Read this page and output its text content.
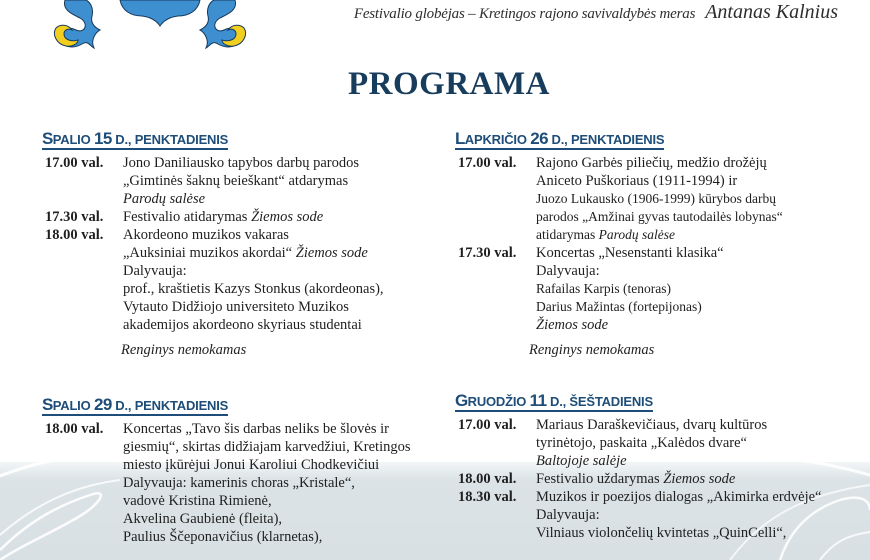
Festivalio globėjas – Kretingos rajono savivaldybės meras Antanas Kalnius
PROGRAMA
SPALIO 15 D., PENKTADIENIS
17.00 val.	Jono Daniliausko tapybos darbų parodos
„Gimtinės šaknų beieškant“ atdarymas
Parodų salėse
17.30 val.	Festivalio atidarymas Žiemos sode
18.00 val.	Akordeono muzikos vakaras
„Auksiniai muzikos akordai“ Žiemos sode
Dalyvauja:
prof., kraštietis Kazys Stonkus (akordeonas),
Vytauto Didžiojo universiteto Muzikos
akademijos akordeono skyriaus studentai
Renginys nemokamas
SPALIO 29 D., PENKTADIENIS
18.00 val.	Koncertas „Tavo šis darbas neliks be šlovės ir
giesmių“, skirtas didžiajam karvedžiui, Kretingos
miesto įkūrėjui Jonui Karoliui Chodkevičiui
Dalyvauja: kamerinis choras „Kristale“,
vadovė Kristina Rimienė,
Akvelina Gaubienė (fleita),
Paulius Ščeponavičius (klarnetas),
LAPKRIČIO 26 D., PENKTADIENIS
17.00 val.	Rajono Garbės piliečių, medžio drožėjų
Aniceto Puškoriaus (1911-1994) ir
Juozo Lukausko (1906-1999) kūrybos darbų
parodos „Amžinai gyvas tautodailės lobynas“
atidarymas Parodų salėse
17.30 val.	Koncertas „Nesenstanti klasika“
Dalyvauja:
Rafailas Karpis (tenoras)
Darius Mažintas (fortepijonas)
Žiemos sode
Renginys nemokamas
GRUODŽIO 11 D., ŠEŠTADIENIS
17.00 val.	Mariaus Daraškevičiaus, dvarų kultūros
tyrinėtojo, paskaita „Kalėdos dvare“
Baltojoje salėje
18.00 val.	Festivalio uždarymas Žiemos sode
18.30 val.	Muzikos ir poezijos dialogas „Akimirka erdvėje“
Dalyvauja:
Vilniaus violončelių kvintetas „QuinCelli“,
